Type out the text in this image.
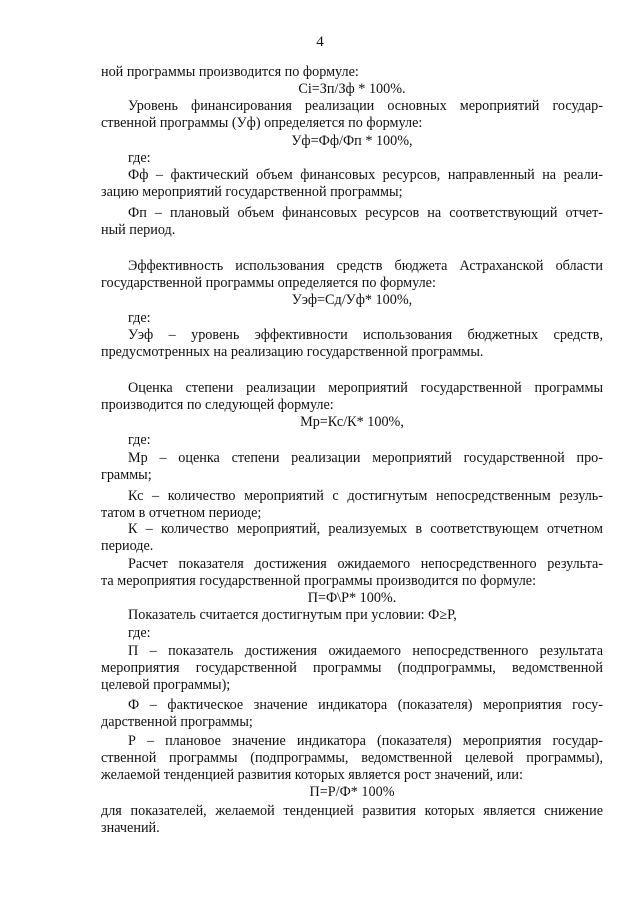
4
ной программы производится по формуле:
Ci=Зп/Зф * 100%.
Уровень финансирования реализации основных мероприятий государ-
ственной программы (Уф) определяется по формуле:
Уф=Фф/Фп * 100%,
где:
Фф – фактический объем финансовых ресурсов, направленный на реали-
зацию мероприятий государственной программы;
Фп – плановый объем финансовых ресурсов на соответствующий отчет-
ный период.
Эффективность использования средств бюджета Астраханской области
государственной программы определяется по формуле:
Уэф=Сд/Уф* 100%,
где:
Уэф – уровень эффективности использования бюджетных средств,
предусмотренных на реализацию государственной программы.
Оценка степени реализации мероприятий государственной программы
производится по следующей формуле:
Мр=Кс/К* 100%,
где:
Мр – оценка степени реализации мероприятий государственной про-
граммы;
Кс – количество мероприятий с достигнутым непосредственным резуль-
татом в отчетном периоде;
К – количество мероприятий, реализуемых в соответствующем отчетном
периоде.
Расчет показателя достижения ожидаемого непосредственного результа-
та мероприятия государственной программы производится по формуле:
П=Ф\Р* 100%.
Показатель считается достигнутым при условии: Ф≥Р,
где:
П – показатель достижения ожидаемого непосредственного результата
мероприятия государственной программы (подпрограммы, ведомственной
целевой программы);
Ф – фактическое значение индикатора (показателя) мероприятия госу-
дарственной программы;
Р – плановое значение индикатора (показателя) мероприятия государ-
ственной программы (подпрограммы, ведомственной целевой программы),
желаемой тенденцией развития которых является рост значений, или:
П=Р/Ф* 100%
для показателей, желаемой тенденцией развития которых является снижение
значений.
